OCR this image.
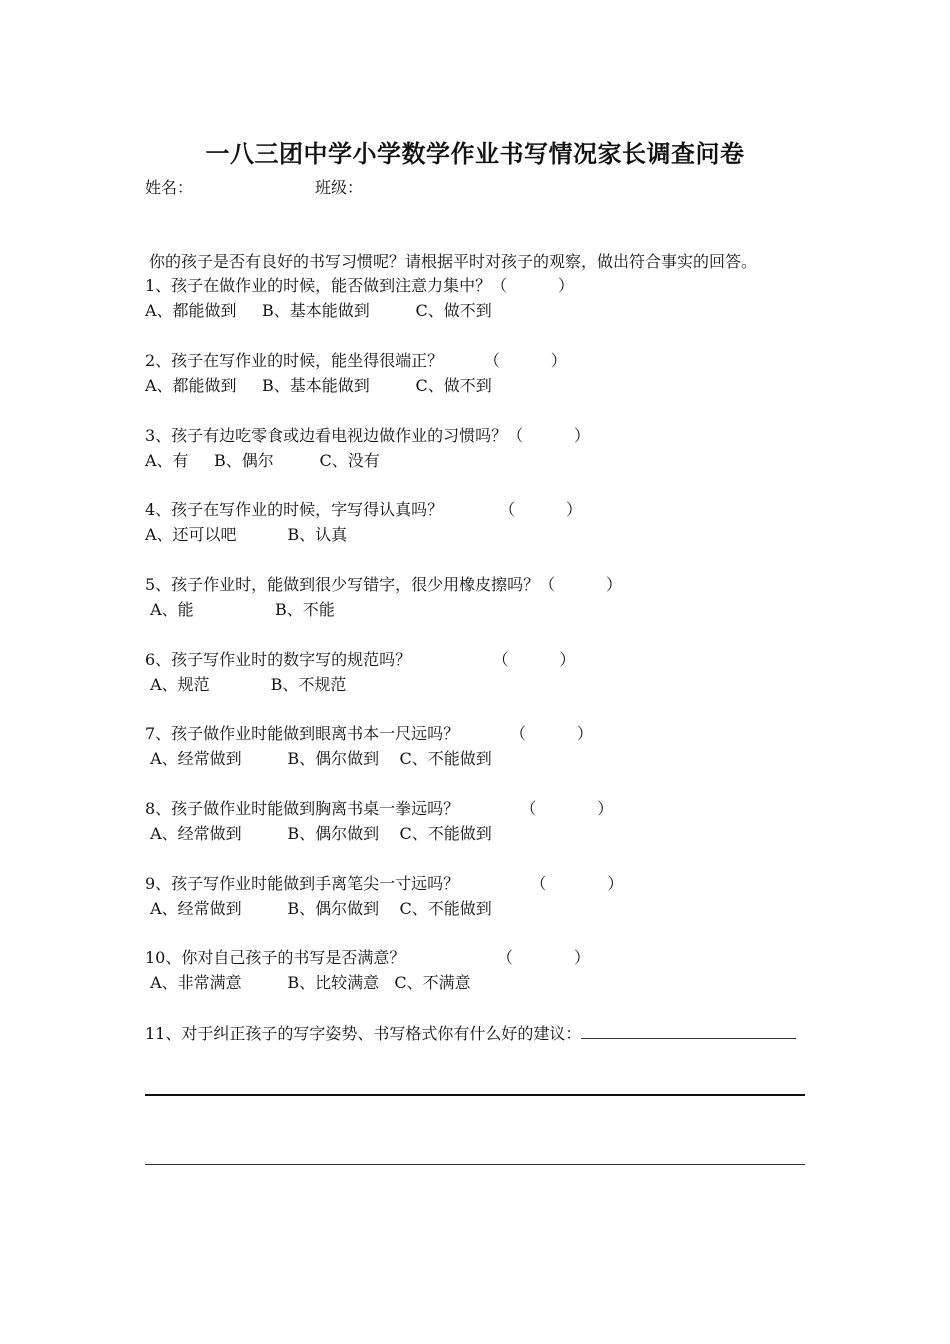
一八三团中学小学数学作业书写情况家长调查问卷
姓名：	班级：
你的孩子是否有良好的书写习惯呢？请根据平时对孩子的观察，做出符合事实的回答。
1、孩子在做作业的时候，能否做到注意力集中？（          ）
A、都能做到     B、基本能做到         C、做不到
2、孩子在写作业的时候，能坐得很端正？        （          ）
A、都能做到     B、基本能做到         C、做不到
3、孩子有边吃零食或边看电视边做作业的习惯吗？（          ）
A、有     B、偶尔         C、没有
4、孩子在写作业的时候，字写得认真吗？           （          ）
A、还可以吧          B、认真
5、孩子作业时，能做到很少写错字，很少用橡皮擦吗？（          ）
A、能                B、不能
6、孩子写作业时的数字写的规范吗？                （          ）
A、规范            B、不规范
7、孩子做作业时能做到眼离书本一尺远吗？          （          ）
A、经常做到         B、偶尔做到    C、不能做到
8、孩子做作业时能做到胸离书桌一拳远吗？            （            ）
A、经常做到         B、偶尔做到    C、不能做到
9、孩子写作业时能做到手离笔尖一寸远吗？              （            ）
A、经常做到         B、偶尔做到    C、不能做到
10、你对自己孩子的书写是否满意？                  （            ）
A、非常满意         B、比较满意   C、不满意
11、对于纠正孩子的写字姿势、书写格式你有什么好的建议：
